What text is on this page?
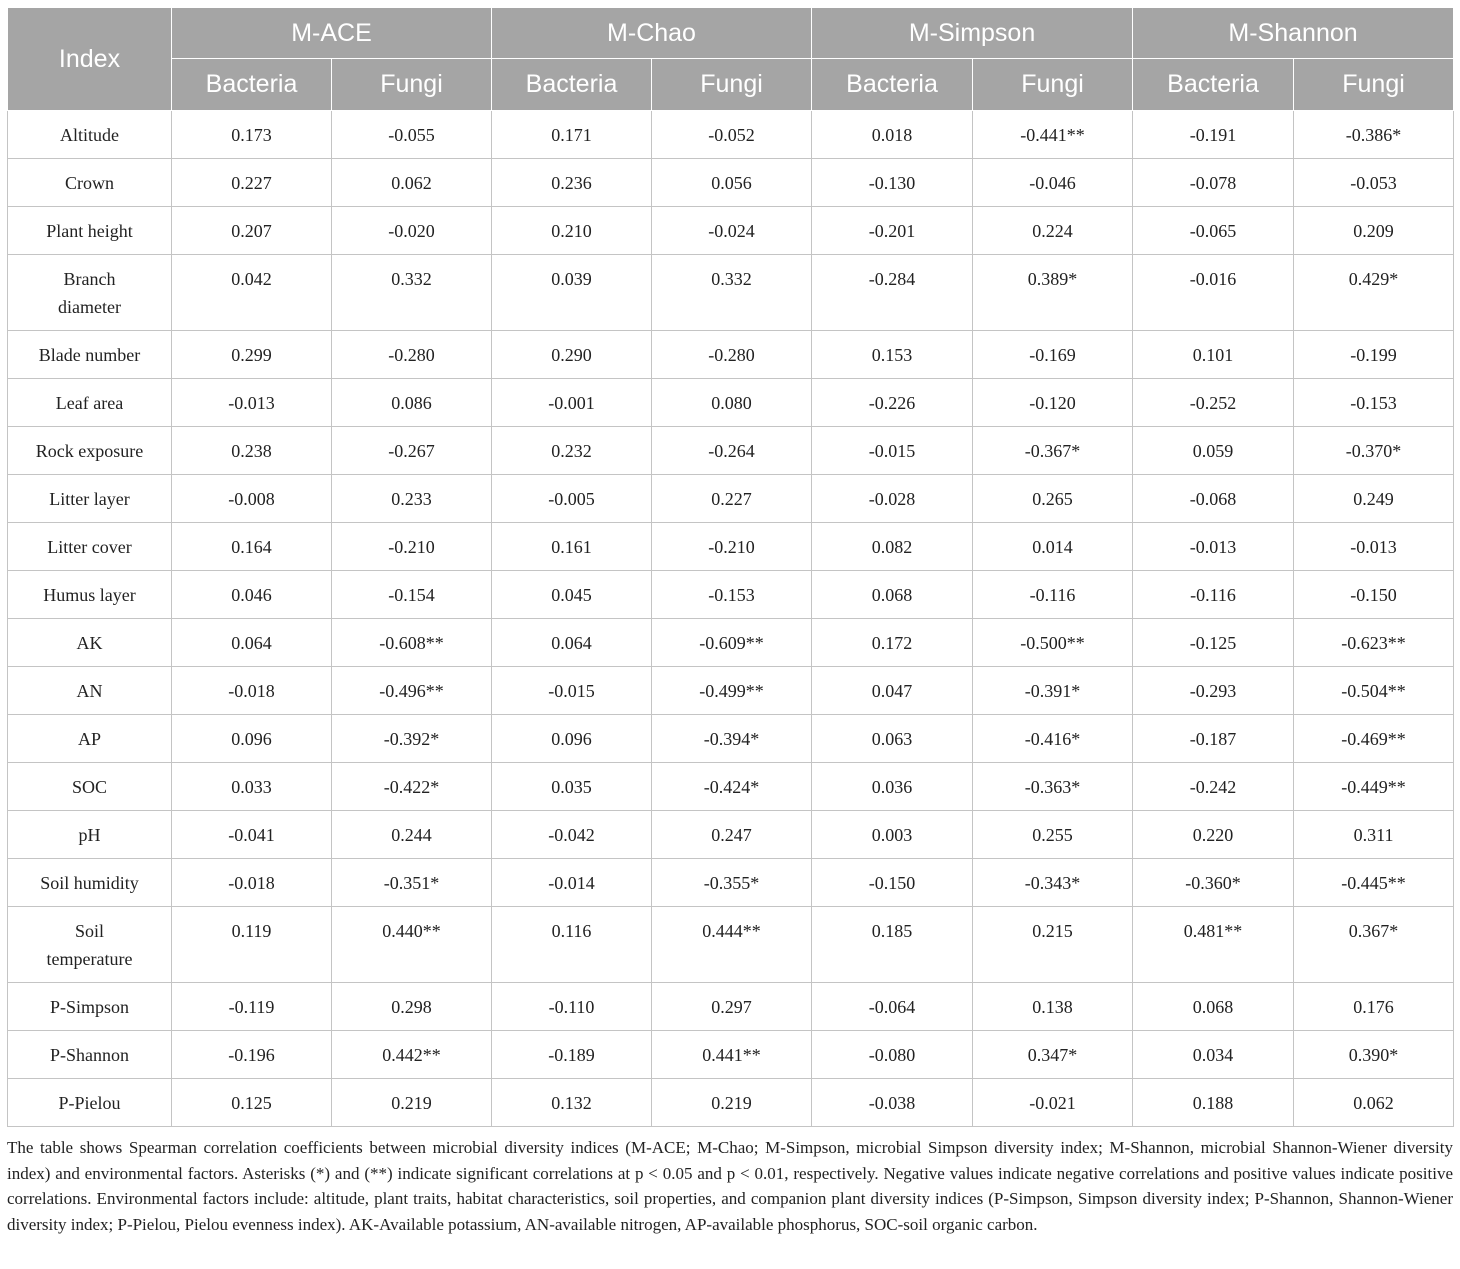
Index	M-ACE		M-Chao		M-Simpson		M-Shannon	
	Bacteria	Fungi	Bacteria	Fungi	Bacteria	Fungi	Bacteria	Fungi
Altitude	0.173	-0.055	0.171	-0.052	0.018	-0.441**	-0.191	-0.386*
Crown	0.227	0.062	0.236	0.056	-0.130	-0.046	-0.078	-0.053
Plant height	0.207	-0.020	0.210	-0.024	-0.201	0.224	-0.065	0.209
Branch diameter	0.042	0.332	0.039	0.332	-0.284	0.389*	-0.016	0.429*
Blade number	0.299	-0.280	0.290	-0.280	0.153	-0.169	0.101	-0.199
Leaf area	-0.013	0.086	-0.001	0.080	-0.226	-0.120	-0.252	-0.153
Rock exposure	0.238	-0.267	0.232	-0.264	-0.015	-0.367*	0.059	-0.370*
Litter layer	-0.008	0.233	-0.005	0.227	-0.028	0.265	-0.068	0.249
Litter cover	0.164	-0.210	0.161	-0.210	0.082	0.014	-0.013	-0.013
Humus layer	0.046	-0.154	0.045	-0.153	0.068	-0.116	-0.116	-0.150
AK	0.064	-0.608**	0.064	-0.609**	0.172	-0.500**	-0.125	-0.623**
AN	-0.018	-0.496**	-0.015	-0.499**	0.047	-0.391*	-0.293	-0.504**
AP	0.096	-0.392*	0.096	-0.394*	0.063	-0.416*	-0.187	-0.469**
SOC	0.033	-0.422*	0.035	-0.424*	0.036	-0.363*	-0.242	-0.449**
pH	-0.041	0.244	-0.042	0.247	0.003	0.255	0.220	0.311
Soil humidity	-0.018	-0.351*	-0.014	-0.355*	-0.150	-0.343*	-0.360*	-0.445**
Soil temperature	0.119	0.440**	0.116	0.444**	0.185	0.215	0.481**	0.367*
P-Simpson	-0.119	0.298	-0.110	0.297	-0.064	0.138	0.068	0.176
P-Shannon	-0.196	0.442**	-0.189	0.441**	-0.080	0.347*	0.034	0.390*
P-Pielou	0.125	0.219	0.132	0.219	-0.038	-0.021	0.188	0.062
The table shows Spearman correlation coefficients between microbial diversity indices (M-ACE; M-Chao; M-Simpson, microbial Simpson diversity index; M-Shannon, microbial Shannon-Wiener diversity index) and environmental factors. Asterisks (*) and (**) indicate significant correlations at p < 0.05 and p < 0.01, respectively. Negative values indicate negative correlations and positive values indicate positive correlations. Environmental factors include: altitude, plant traits, habitat characteristics, soil properties, and companion plant diversity indices (P-Simpson, Simpson diversity index; P-Shannon, Shannon-Wiener diversity index; P-Pielou, Pielou evenness index). AK-Available potassium, AN-available nitrogen, AP-available phosphorus, SOC-soil organic carbon.
